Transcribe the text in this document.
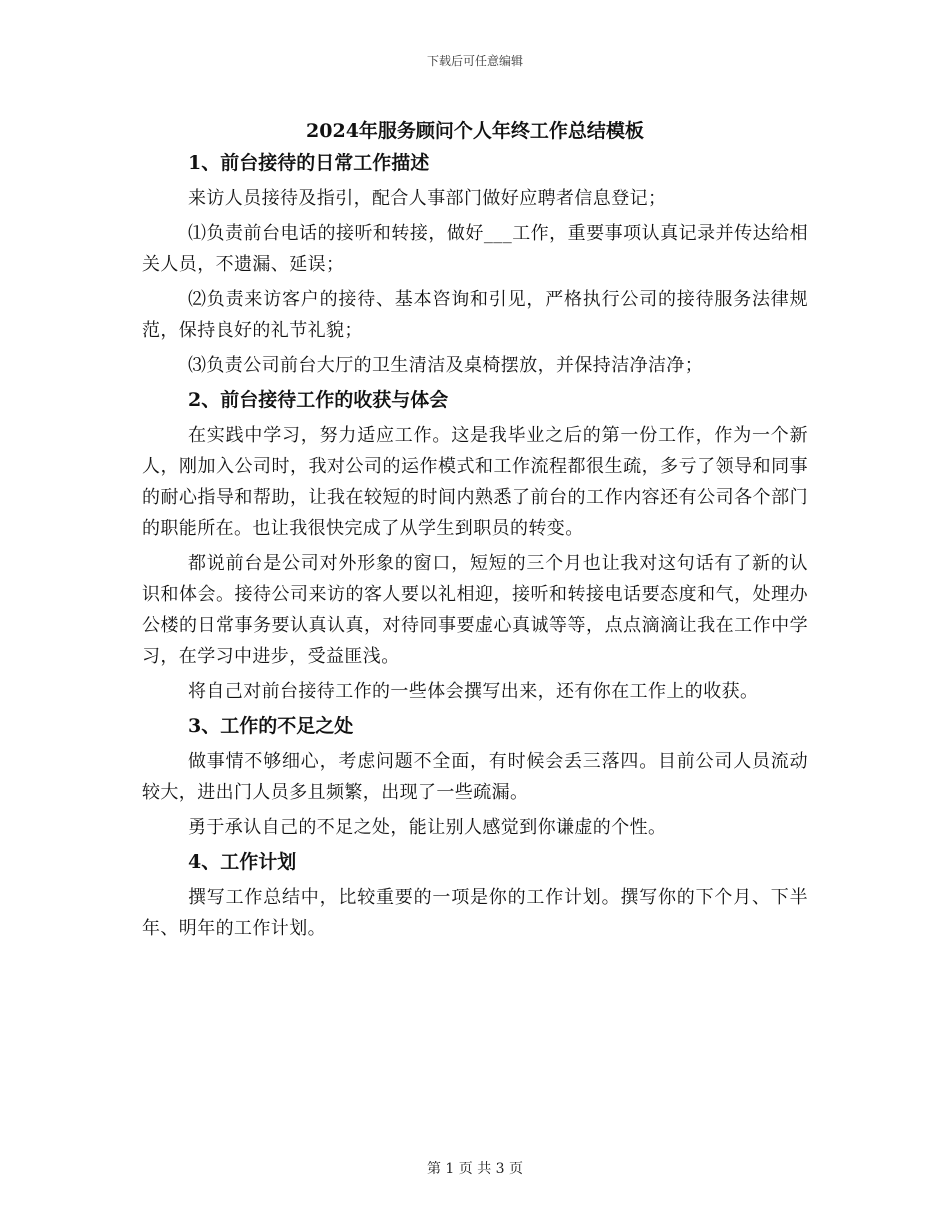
下载后可任意编辑
2024年服务顾问个人年终工作总结模板
1、前台接待的日常工作描述

来访人员接待及指引，配合人事部门做好应聘者信息登记；

⑴负责前台电话的接听和转接，做好___工作，重要事项认真记录并传达给相关人员，不遗漏、延误；

⑵负责来访客户的接待、基本咨询和引见，严格执行公司的接待服务法律规范，保持良好的礼节礼貌；

⑶负责公司前台大厅的卫生清洁及桌椅摆放，并保持洁净洁净；

2、前台接待工作的收获与体会

在实践中学习，努力适应工作。这是我毕业之后的第一份工作，作为一个新人，刚加入公司时，我对公司的运作模式和工作流程都很生疏，多亏了领导和同事的耐心指导和帮助，让我在较短的时间内熟悉了前台的工作内容还有公司各个部门的职能所在。也让我很快完成了从学生到职员的转变。

都说前台是公司对外形象的窗口，短短的三个月也让我对这句话有了新的认识和体会。接待公司来访的客人要以礼相迎，接听和转接电话要态度和气，处理办公楼的日常事务要认真认真，对待同事要虚心真诚等等，点点滴滴让我在工作中学习，在学习中进步，受益匪浅。

将自己对前台接待工作的一些体会撰写出来，还有你在工作上的收获。

3、工作的不足之处

做事情不够细心，考虑问题不全面，有时候会丢三落四。目前公司人员流动较大，进出门人员多且频繁，出现了一些疏漏。

勇于承认自己的不足之处，能让别人感觉到你谦虚的个性。

4、工作计划

撰写工作总结中，比较重要的一项是你的工作计划。撰写你的下个月、下半年、明年的工作计划。

第 1 页 共 3 页
